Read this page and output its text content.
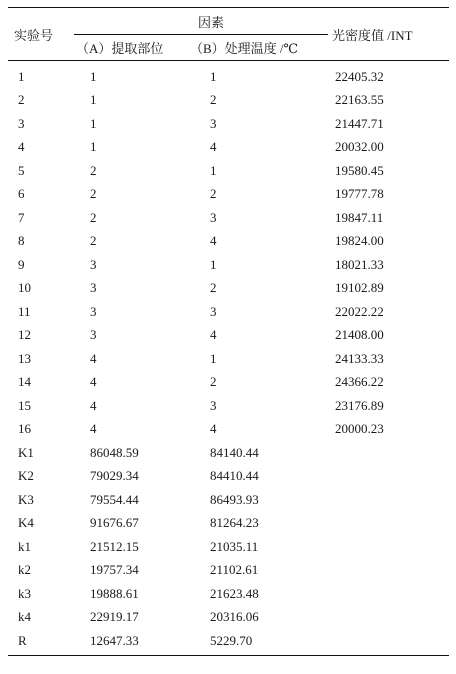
实验号	因素		光密度值 /INT
	（A）提取部位	（B）处理温度 /℃	
1	1	1	22405.32
2	1	2	22163.55
3	1	3	21447.71
4	1	4	20032.00
5	2	1	19580.45
6	2	2	19777.78
7	2	3	19847.11
8	2	4	19824.00
9	3	1	18021.33
10	3	2	19102.89
11	3	3	22022.22
12	3	4	21408.00
13	4	1	24133.33
14	4	2	24366.22
15	4	3	23176.89
16	4	4	20000.23
K1	86048.59	84140.44	
K2	79029.34	84410.44	
K3	79554.44	86493.93	
K4	91676.67	81264.23	
k1	21512.15	21035.11	
k2	19757.34	21102.61	
k3	19888.61	21623.48	
k4	22919.17	20316.06	
R	12647.33	5229.70	
